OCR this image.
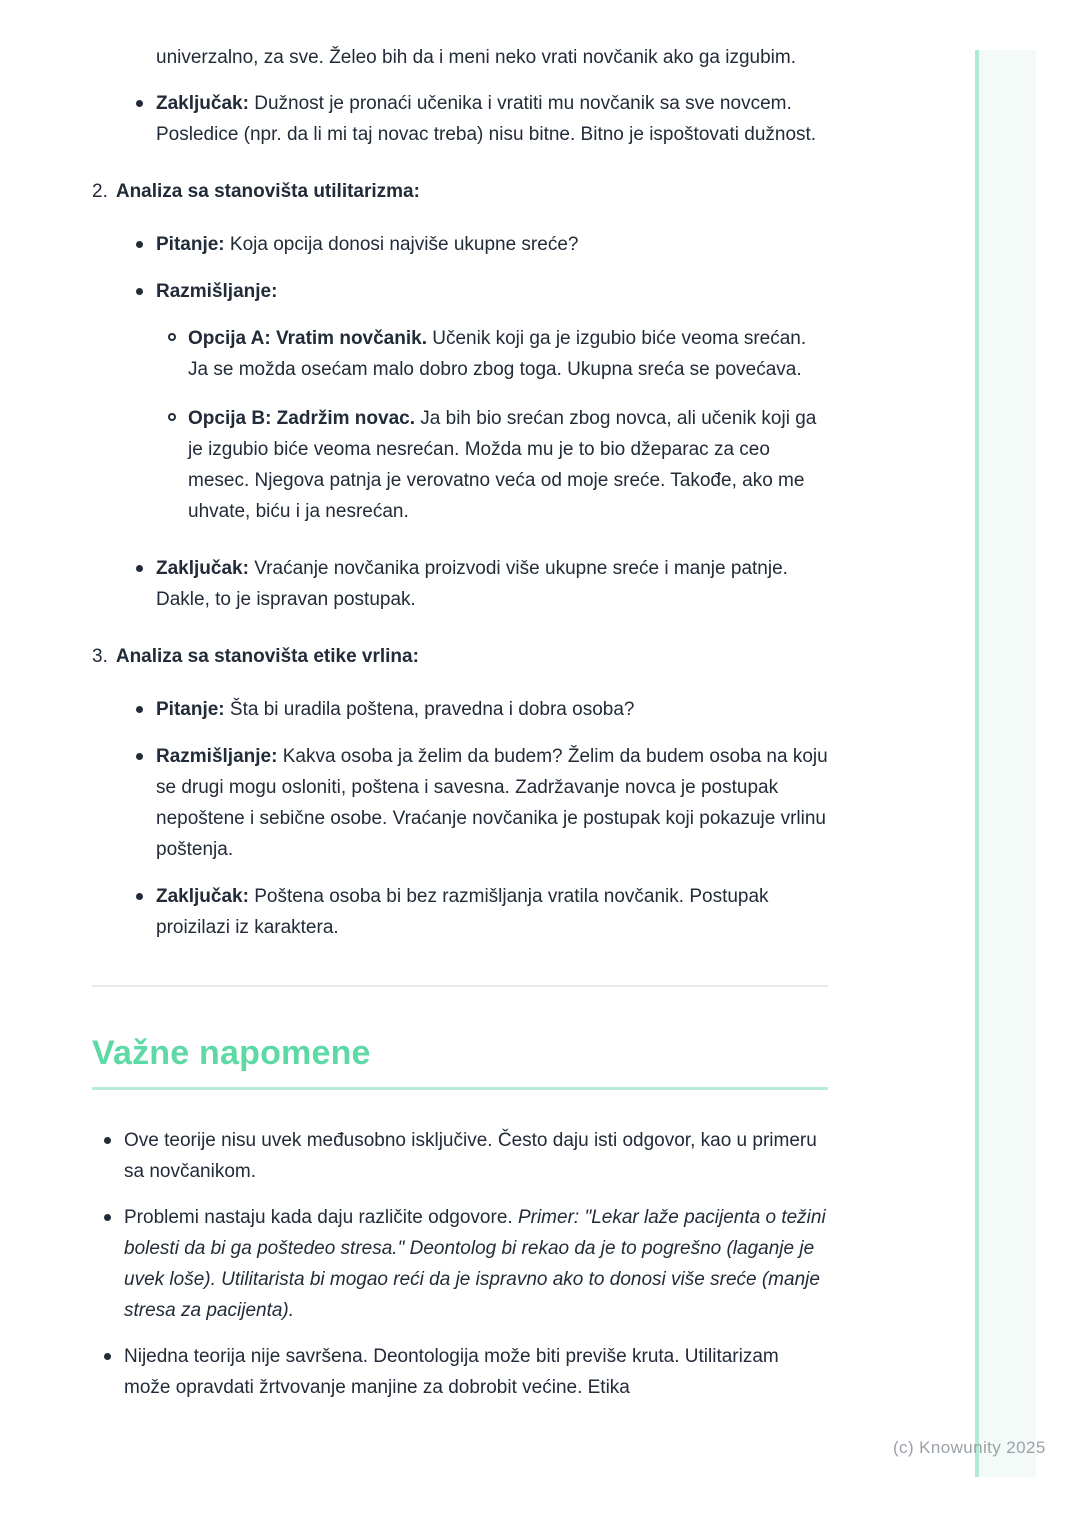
(c) Knowunity 2025

univerzalno, za sve. Želeo bih da i meni neko vrati novčanik ako ga izgubim.

Zaključak: Dužnost je pronaći učenika i vratiti mu novčanik sa sve novcem. Posledice (npr. da li mi taj novac treba) nisu bitne. Bitno je ispoštovati dužnost.

2. Analiza sa stanovišta utilitarizma:

Pitanje: Koja opcija donosi najviše ukupne sreće?

Razmišljanje:

Opcija A: Vratim novčanik. Učenik koji ga je izgubio biće veoma srećan. Ja se možda osećam malo dobro zbog toga. Ukupna sreća se povećava.

Opcija B: Zadržim novac. Ja bih bio srećan zbog novca, ali učenik koji ga je izgubio biće veoma nesrećan. Možda mu je to bio džeparac za ceo mesec. Njegova patnja je verovatno veća od moje sreće. Takođe, ako me uhvate, biću i ja nesrećan.

Zaključak: Vraćanje novčanika proizvodi više ukupne sreće i manje patnje. Dakle, to je ispravan postupak.

3. Analiza sa stanovišta etike vrlina:

Pitanje: Šta bi uradila poštena, pravedna i dobra osoba?

Razmišljanje: Kakva osoba ja želim da budem? Želim da budem osoba na koju se drugi mogu osloniti, poštena i savesna. Zadržavanje novca je postupak nepoštene i sebične osobe. Vraćanje novčanika je postupak koji pokazuje vrlinu poštenja.

Zaključak: Poštena osoba bi bez razmišljanja vratila novčanik. Postupak proizilazi iz karaktera.

Važne napomene

Ove teorije nisu uvek međusobno isključive. Često daju isti odgovor, kao u primeru sa novčanikom.

Problemi nastaju kada daju različite odgovore. Primer: "Lekar laže pacijenta o težini bolesti da bi ga poštedeo stresa." Deontolog bi rekao da je to pogrešno (laganje je uvek loše). Utilitarista bi mogao reći da je ispravno ako to donosi više sreće (manje stresa za pacijenta).

Nijedna teorija nije savršena. Deontologija može biti previše kruta. Utilitarizam može opravdati žrtvovanje manjine za dobrobit većine. Etika
